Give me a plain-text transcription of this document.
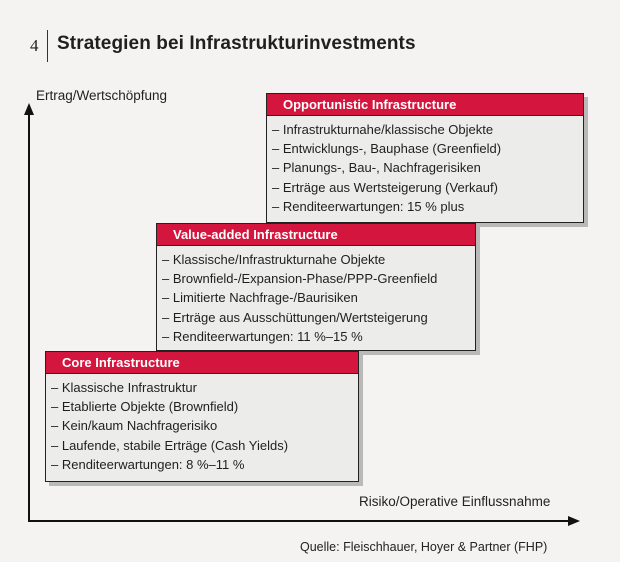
4 Strategien bei Infrastrukturinvestments
Ertrag/Wertschöpfung
Risiko/Operative Einflussnahme
Opportunistic Infrastructure
– Infrastrukturnahe/klassische Objekte
– Entwicklungs-, Bauphase (Greenfield)
– Planungs-, Bau-, Nachfragerisiken
– Erträge aus Wertsteigerung (Verkauf)
– Renditeerwartungen: 15 % plus
Value-added Infrastructure
– Klassische/Infrastrukturnahe Objekte
– Brownfield-/Expansion-Phase/PPP-Greenfield
– Limitierte Nachfrage-/Baurisiken
– Erträge aus Ausschüttungen/Wertsteigerung
– Renditeerwartungen: 11 %–15 %
Core Infrastructure
– Klassische Infrastruktur
– Etablierte Objekte (Brownfield)
– Kein/kaum Nachfragerisiko
– Laufende, stabile Erträge (Cash Yields)
– Renditeerwartungen: 8 %–11 %
Quelle: Fleischhauer, Hoyer & Partner (FHP)
